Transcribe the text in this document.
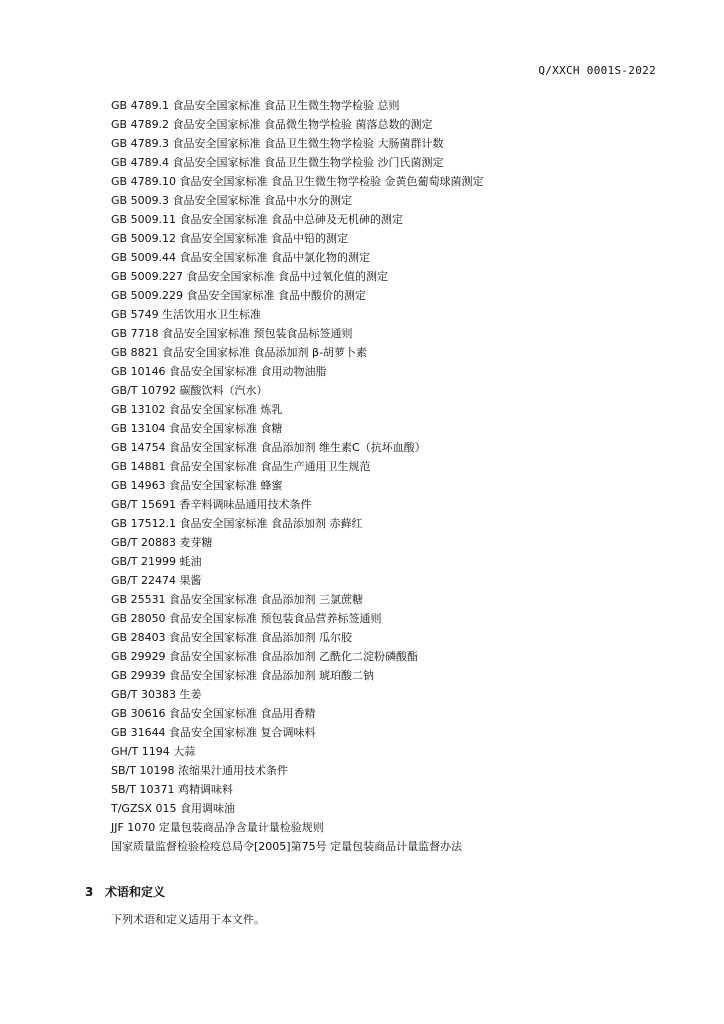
Q/XXCH 0001S-2022
GB 4789.1 食品安全国家标准 食品卫生微生物学检验 总则
GB 4789.2 食品安全国家标准 食品微生物学检验 菌落总数的测定
GB 4789.3 食品安全国家标准 食品卫生微生物学检验 大肠菌群计数
GB 4789.4 食品安全国家标准 食品卫生微生物学检验 沙门氏菌测定
GB 4789.10 食品安全国家标准 食品卫生微生物学检验 金黄色葡萄球菌测定
GB 5009.3 食品安全国家标准 食品中水分的测定
GB 5009.11 食品安全国家标准 食品中总砷及无机砷的测定
GB 5009.12 食品安全国家标准 食品中铅的测定
GB 5009.44 食品安全国家标准 食品中氯化物的测定
GB 5009.227 食品安全国家标准 食品中过氧化值的测定
GB 5009.229 食品安全国家标准 食品中酸价的测定
GB 5749 生活饮用水卫生标准
GB 7718 食品安全国家标准 预包装食品标签通则
GB 8821 食品安全国家标准 食品添加剂 β-胡萝卜素
GB 10146 食品安全国家标准 食用动物油脂
GB/T 10792 碳酸饮料（汽水）
GB 13102 食品安全国家标准 炼乳
GB 13104 食品安全国家标准 食糖
GB 14754 食品安全国家标准 食品添加剂 维生素C（抗坏血酸）
GB 14881 食品安全国家标准 食品生产通用卫生规范
GB 14963 食品安全国家标准 蜂蜜
GB/T 15691 香辛料调味品通用技术条件
GB 17512.1 食品安全国家标准 食品添加剂 赤藓红
GB/T 20883 麦芽糖
GB/T 21999 蚝油
GB/T 22474 果酱
GB 25531 食品安全国家标准 食品添加剂 三氯蔗糖
GB 28050 食品安全国家标准 预包装食品营养标签通则
GB 28403 食品安全国家标准 食品添加剂 瓜尔胶
GB 29929 食品安全国家标准 食品添加剂 乙酰化二淀粉磷酸酯
GB 29939 食品安全国家标准 食品添加剂 琥珀酸二钠
GB/T 30383 生姜
GB 30616 食品安全国家标准 食品用香精
GB 31644 食品安全国家标准 复合调味料
GH/T 1194 大蒜
SB/T 10198 浓缩果汁通用技术条件
SB/T 10371 鸡精调味料
T/GZSX 015 食用调味油
JJF 1070 定量包装商品净含量计量检验规则
国家质量监督检验检疫总局令[2005]第75号 定量包装商品计量监督办法
3 术语和定义
下列术语和定义适用于本文件。
